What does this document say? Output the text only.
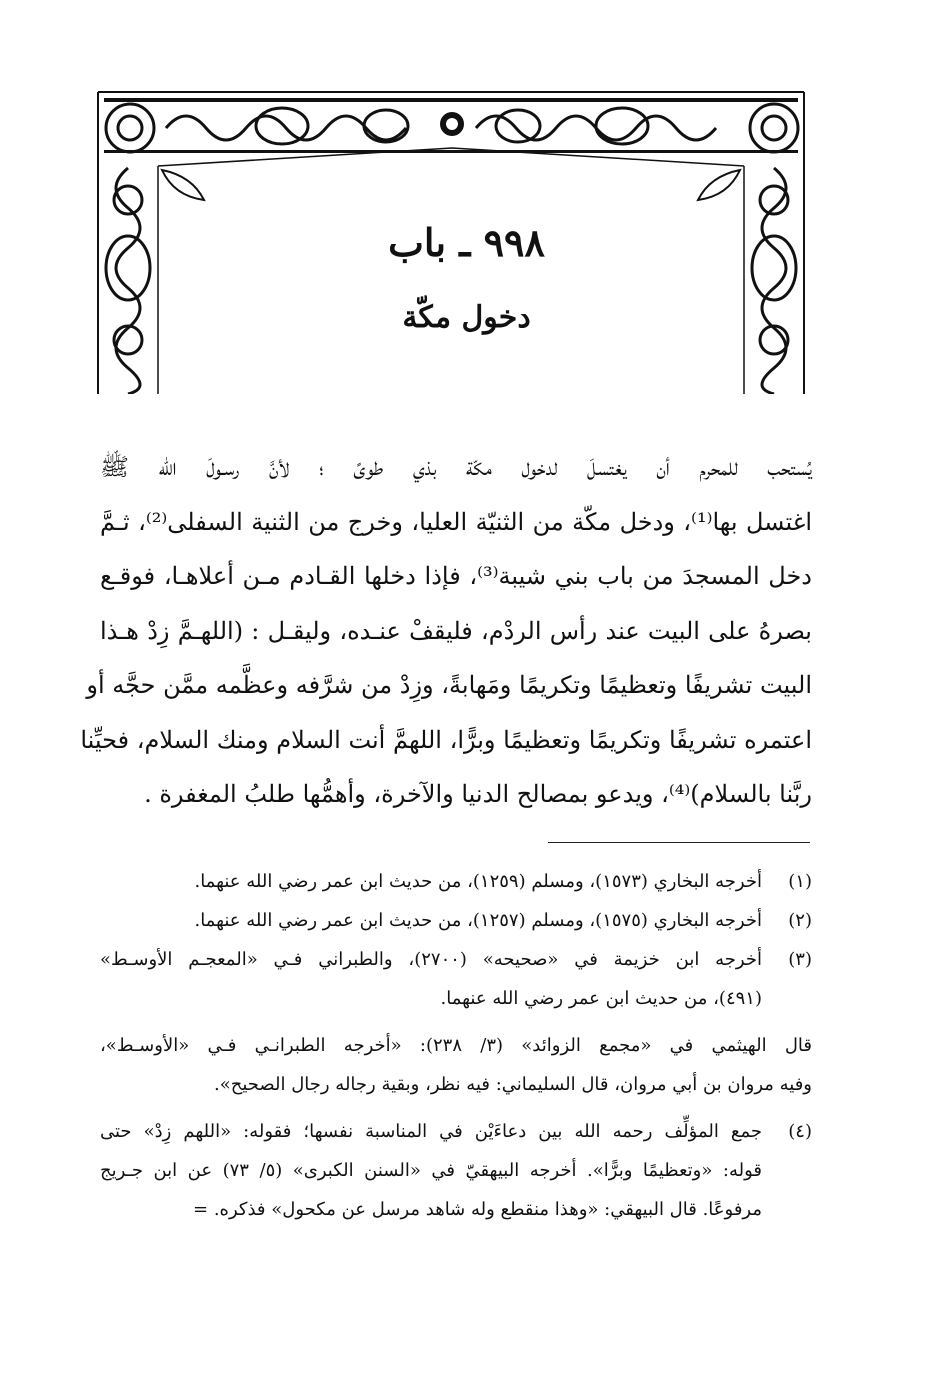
٩٩٨ ـ باب
دخول مكّة
يُستحب للمحرم أن يغتسلَ لدخول مكّة بذي طوىً ؛ لأنَّ رسـولَ الله ﷺ
اغتسل بها⁽¹⁾، ودخل مكّة من الثنيّة العليا، وخرج من الثنية السفلى⁽²⁾، ثـمَّ
دخل المسجدَ من باب بني شيبة⁽³⁾، فإذا دخلها القـادم مـن أعلاهـا، فوقـع
بصرهُ على البيت عند رأس الردْم، فليقفْ عنـده، وليقـل : (اللهـمَّ زِدْ هـذا
البيت تشريفًا وتعظيمًا وتكريمًا ومَهابةً، وزِدْ من شرَّفه وعظَّمه ممَّن حجَّه أو
اعتمره تشريفًا وتكريمًا وتعظيمًا وبرًّا، اللهمَّ أنت السلام ومنك السلام، فحيِّنا
ربَّنا بالسلام)⁽⁴⁾، ويدعو بمصالح الدنيا والآخرة، وأهمُّها طلبُ المغفرة .
(١)
أخرجه البخاري (١٥٧٣)، ومسلم (١٢٥٩)، من حديث ابن عمر رضي الله عنهما.
(٢)
أخرجه البخاري (١٥٧٥)، ومسلم (١٢٥٧)، من حديث ابن عمر رضي الله عنهما.
(٣)
أخرجه ابن خزيمة في «صحيحه» (٢٧٠٠)، والطبراني فـي «المعجـم الأوسـط»
(٤٩١)، من حديث ابن عمر رضي الله عنهما.
قال الهيثمي في «مجمع الزوائد» (٣/ ٢٣٨): «أخرجه الطبرانـي فـي «الأوسـط»،
وفيه مروان بن أبي مروان، قال السليماني: فيه نظر، وبقية رجاله رجال الصحيح».
(٤)
جمع المؤلِّف رحمه الله بين دعاءَيْن في المناسبة نفسها؛ فقوله: «اللهم زِدْ» حتى
قوله: «وتعظيمًا وبرًّا». أخرجه البيهقيّ في «السنن الكبرى» (٥/ ٧٣) عن ابن جـريج
مرفوعًا. قال البيهقي: «وهذا منقطع وله شاهد مرسل عن مكحول» فذكره. =
